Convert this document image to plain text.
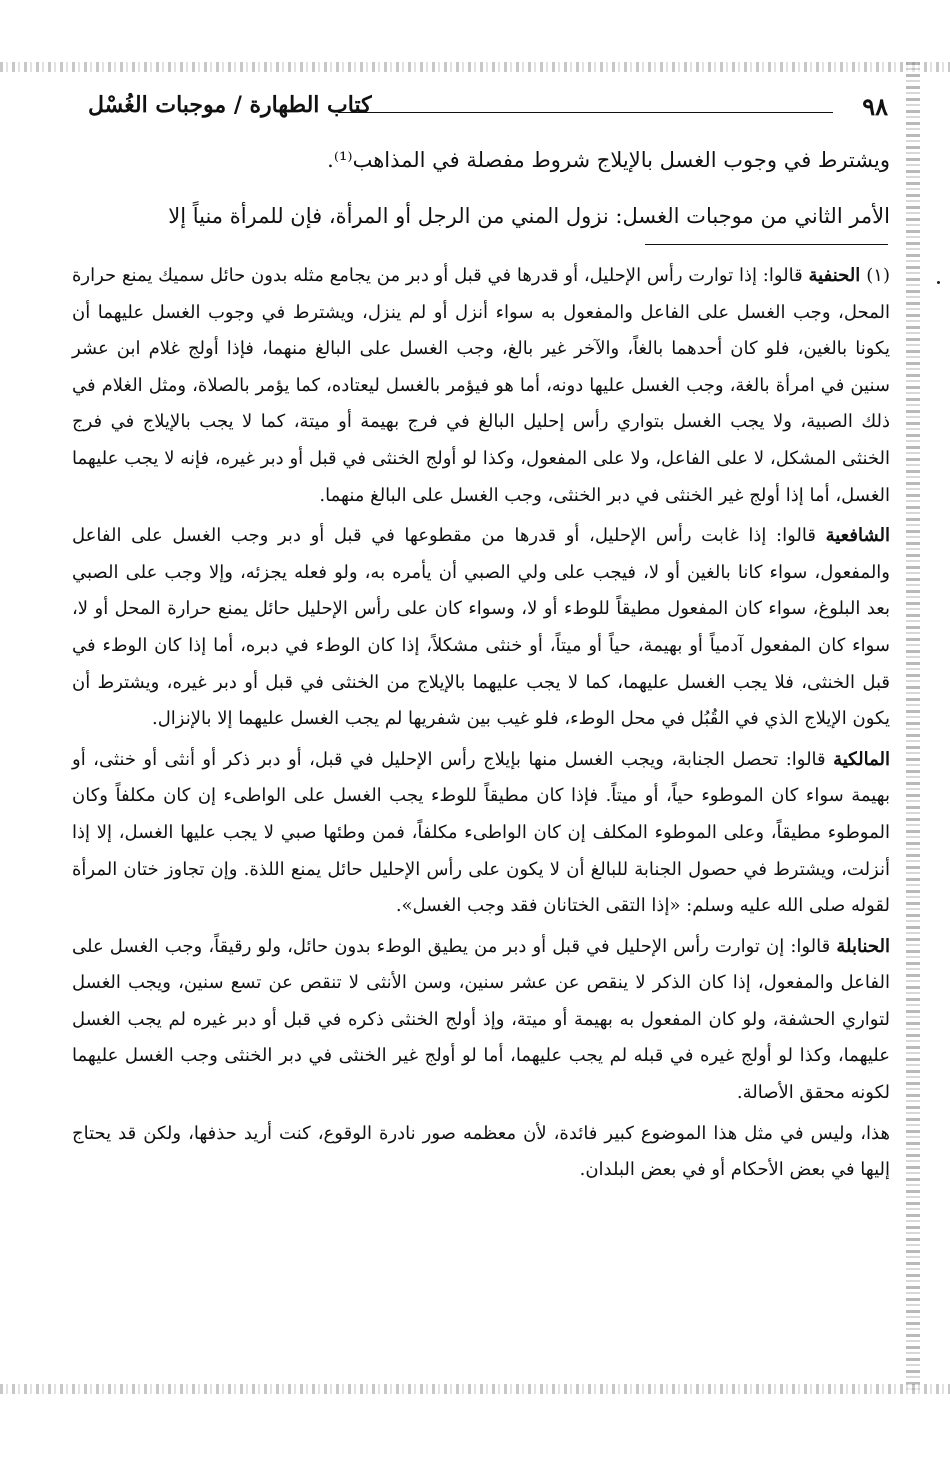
٩٨
كتاب الطهارة / موجبات الغُسْل

ويشترط في وجوب الغسل بالإيلاج شروط مفصلة في المذاهب⁽¹⁾.

الأمر الثاني من موجبات الغسل: نزول المني من الرجل أو المرأة، فإن للمرأة منياً إلا

(١)الحنفية قالوا: إذا توارت رأس الإحليل، أو قدرها في قبل أو دبر من يجامع مثله بدون حائل سميك يمنع حرارة المحل، وجب الغسل على الفاعل والمفعول به سواء أنزل أو لم ينزل، ويشترط في وجوب الغسل عليهما أن يكونا بالغين، فلو كان أحدهما بالغاً، والآخر غير بالغ، وجب الغسل على البالغ منهما، فإذا أولج غلام ابن عشر سنين في امرأة بالغة، وجب الغسل عليها دونه، أما هو فيؤمر بالغسل ليعتاده، كما يؤمر بالصلاة، ومثل الغلام في ذلك الصبية، ولا يجب الغسل بتواري رأس إحليل البالغ في فرج بهيمة أو ميتة، كما لا يجب بالإيلاج في فرج الخنثى المشكل، لا على الفاعل، ولا على المفعول، وكذا لو أولج الخنثى في قبل أو دبر غيره، فإنه لا يجب عليهما الغسل، أما إذا أولج غير الخنثى في دبر الخنثى، وجب الغسل على البالغ منهما.

الشافعية قالوا: إذا غابت رأس الإحليل، أو قدرها من مقطوعها في قبل أو دبر وجب الغسل على الفاعل والمفعول، سواء كانا بالغين أو لا، فيجب على ولي الصبي أن يأمره به، ولو فعله يجزئه، وإلا وجب على الصبي بعد البلوغ، سواء كان المفعول مطيقاً للوطء أو لا، وسواء كان على رأس الإحليل حائل يمنع حرارة المحل أو لا، سواء كان المفعول آدمياً أو بهيمة، حياً أو ميتاً، أو خنثى مشكلاً، إذا كان الوطء في دبره، أما إذا كان الوطء في قبل الخنثى، فلا يجب الغسل عليهما، كما لا يجب عليهما بالإيلاج من الخنثى في قبل أو دبر غيره، ويشترط أن يكون الإيلاج الذي في القُبُل في محل الوطء، فلو غيب بين شفريها لم يجب الغسل عليهما إلا بالإنزال.

المالكية قالوا: تحصل الجنابة، ويجب الغسل منها بإيلاج رأس الإحليل في قبل، أو دبر ذكر أو أنثى أو خنثى، أو بهيمة سواء كان الموطوء حياً، أو ميتاً. فإذا كان مطيقاً للوطء يجب الغسل على الواطىء إن كان مكلفاً وكان الموطوء مطيقاً، وعلى الموطوء المكلف إن كان الواطىء مكلفاً، فمن وطئها صبي لا يجب عليها الغسل، إلا إذا أنزلت، ويشترط في حصول الجنابة للبالغ أن لا يكون على رأس الإحليل حائل يمنع اللذة. وإن تجاوز ختان المرأة لقوله صلى الله عليه وسلم: «إذا التقى الختانان فقد وجب الغسل».

الحنابلة قالوا: إن توارت رأس الإحليل في قبل أو دبر من يطيق الوطء بدون حائل، ولو رقيقاً، وجب الغسل على الفاعل والمفعول، إذا كان الذكر لا ينقص عن عشر سنين، وسن الأنثى لا تنقص عن تسع سنين، ويجب الغسل لتواري الحشفة، ولو كان المفعول به بهيمة أو ميتة، وإذ أولج الخنثى ذكره في قبل أو دبر غيره لم يجب الغسل عليهما، وكذا لو أولج غيره في قبله لم يجب عليهما، أما لو أولج غير الخنثى في دبر الخنثى وجب الغسل عليهما لكونه محقق الأصالة.

هذا، وليس في مثل هذا الموضوع كبير فائدة، لأن معظمه صور نادرة الوقوع، كنت أريد حذفها، ولكن قد يحتاج إليها في بعض الأحكام أو في بعض البلدان.
